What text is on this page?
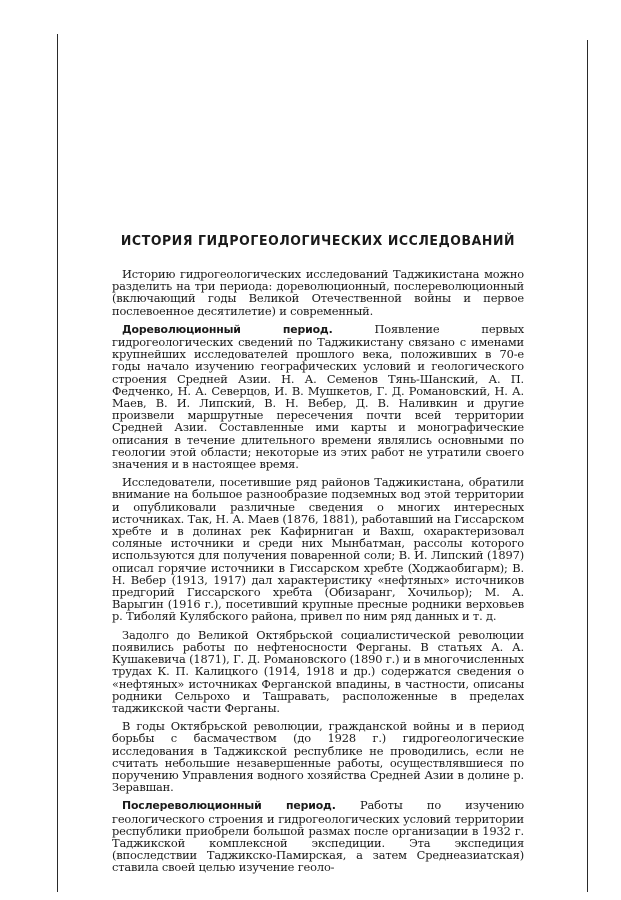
ИСТОРИЯ ГИДРОГЕОЛОГИЧЕСКИХ ИССЛЕДОВАНИЙ

Историю гидрогеологических исследований Таджикистана можно разделить на три периода: дореволюционный, послереволюционный (включающий годы Великой Отечественной войны и первое послевоенное десятилетие) и современный.

Дореволюционный период. Появление первых гидрогеологических сведений по Таджикистану связано с именами крупнейших исследователей прошлого века, положивших в 70-е годы начало изучению географических условий и геологического строения Средней Азии. Н. А. Семенов Тянь-Шанский, А. П. Федченко, Н. А. Северцов, И. В. Мушкетов, Г. Д. Романовский, Н. А. Маев, В. И. Липский, В. Н. Вебер, Д. В. Наливкин и другие произвели маршрутные пересечения почти всей территории Средней Азии. Составленные ими карты и монографические описания в течение длительного времени являлись основными по геологии этой области; некоторые из этих работ не утратили своего значения и в настоящее время.

Исследователи, посетившие ряд районов Таджикистана, обратили внимание на большое разнообразие подземных вод этой территории и опубликовали различные сведения о многих интересных источниках. Так, Н. А. Маев (1876, 1881), работавший на Гиссарском хребте и в долинах рек Кафирниган и Вахш, охарактеризовал соляные источники и среди них Мынбатман, рассолы которого используются для получения поваренной соли; В. И. Липский (1897) описал горячие источники в Гиссарском хребте (Ходжаобигарм); В. Н. Вебер (1913, 1917) дал характеристику «нефтяных» источников предгорий Гиссарского хребта (Обизаранг, Хочильор); М. А. Варыгин (1916 г.), посетивший крупные пресные родники верховьев р. Тиболяй Кулябского района, привел по ним ряд данных и т. д.

Задолго до Великой Октябрьской социалистической революции появились работы по нефтеносности Ферганы. В статьях А. А. Кушакевича (1871), Г. Д. Романовского (1890 г.) и в многочисленных трудах К. П. Калицкого (1914, 1918 и др.) содержатся сведения о «нефтяных» источниках Ферганской впадины, в частности, описаны родники Сельрохо и Ташравать, расположенные в пределах таджикской части Ферганы.

В годы Октябрьской революции, гражданской войны и в период борьбы с басмачеством (до 1928 г.) гидрогеологические исследования в Таджикской республике не проводились, если не считать небольшие незавершенные работы, осуществлявшиеся по поручению Управления водного хозяйства Средней Азии в долине р. Зеравшан.

Послереволюционный период. Работы по изучению геологического строения и гидрогеологических условий территории республики приобрели большой размах после организации в 1932 г. Таджикской комплексной экспедиции. Эта экспедиция (впоследствии Таджикско-Памирская, а затем Среднеазиатская) ставила своей целью изучение геоло-
